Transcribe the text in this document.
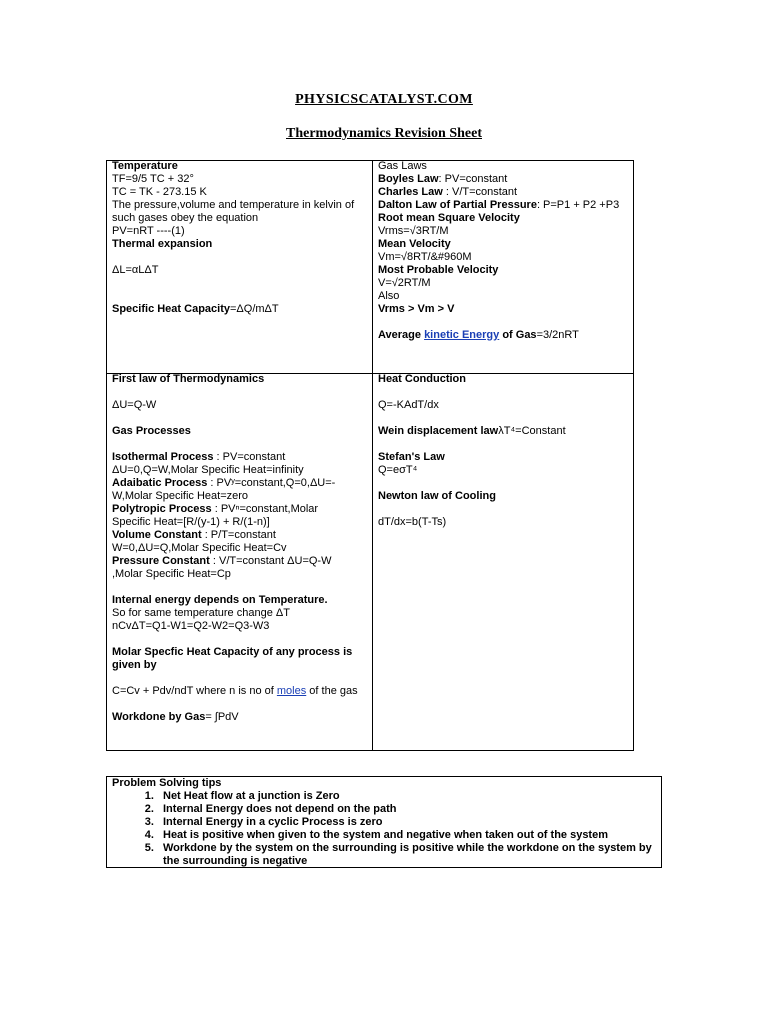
PHYSICSCATALYST.COM
Thermodynamics Revision Sheet
Temperature
TF=9/5 TC + 32°
TC = TK - 273.15 K
The pressure,volume and temperature in kelvin of
such gases obey the equation
PV=nRT ----(1)
Thermal expansion
ΔL=αLΔT
Specific Heat Capacity=ΔQ/mΔT
Gas Laws
Boyles Law: PV=constant
Charles Law : V/T=constant
Dalton Law of Partial Pressure: P=P1 + P2 +P3
Root mean Square Velocity
Vrms=√3RT/M
Mean Velocity
Vm=√8RT/&#960M
Most Probable Velocity
V=√2RT/M
Also
Vrms > Vm > V
Average kinetic Energy of Gas=3/2nRT
First law of Thermodynamics
ΔU=Q-W
Gas Processes
Isothermal Process : PV=constant
ΔU=0,Q=W,Molar Specific Heat=infinity
Adaibatic Process : PVʸ=constant,Q=0,ΔU=-
W,Molar Specific Heat=zero
Polytropic Process : PVⁿ=constant,Molar
Specific Heat=[R/(y-1) + R/(1-n)]
Volume Constant : P/T=constant
W=0,ΔU=Q,Molar Specific Heat=Cv
Pressure Constant : V/T=constant ΔU=Q-W
,Molar Specific Heat=Cp
Internal energy depends on Temperature.
So for same temperature change ΔT
nCvΔT=Q1-W1=Q2-W2=Q3-W3
Molar Specfic Heat Capacity of any process is
given by
C=Cv + Pdv/ndT where n is no of moles of the gas
Workdone by Gas= ∫PdV
Heat Conduction
Q=-KAdT/dx
Wein displacement lawλT⁴=Constant
Stefan's Law
Q=eσT⁴
Newton law of Cooling
dT/dx=b(T-Ts)
Problem Solving tips
1. Net Heat flow at a junction is Zero
2. Internal Energy does not depend on the path
3. Internal Energy in a cyclic Process is zero
4. Heat is positive when given to the system and negative when taken out of the system
5. Workdone by the system on the surrounding is positive while the workdone on the system by the surrounding is negative
